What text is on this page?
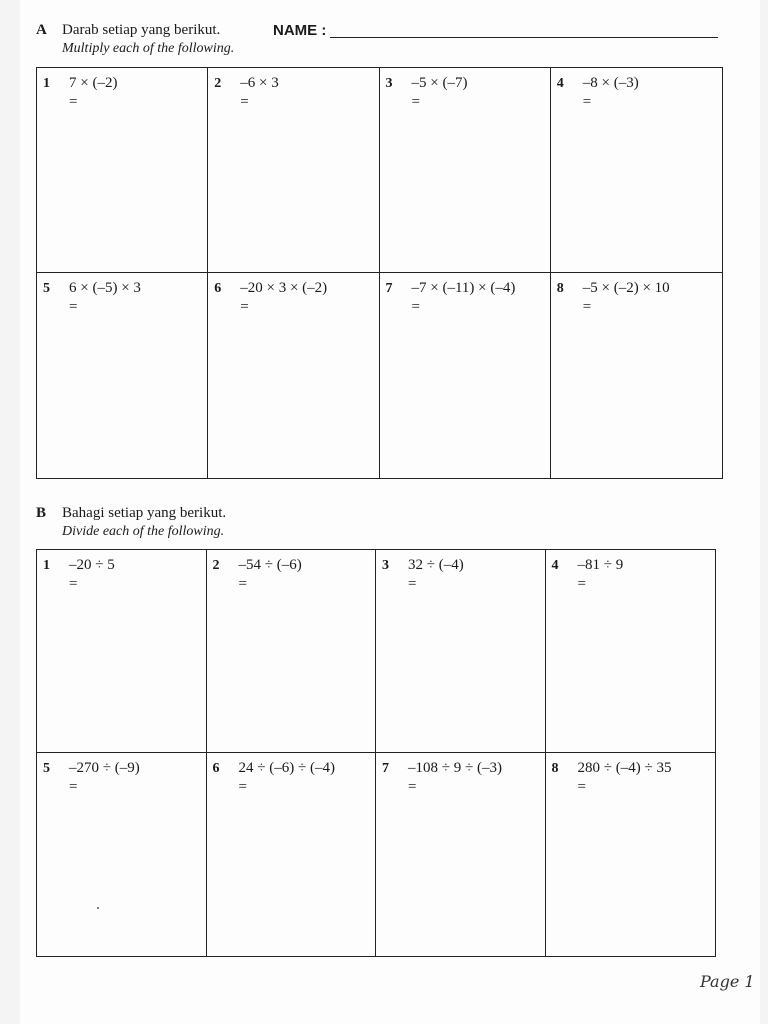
A Darab setiap yang berikut.
Multiply each of the following.
NAME :
1 7 × (–2)
=
2 –6 × 3
=
3 –5 × (–7)
=
4 –8 × (–3)
=
5 6 × (–5) × 3
=
6 –20 × 3 × (–2)
=
7 –7 × (–11) × (–4)
=
8 –5 × (–2) × 10
=
B Bahagi setiap yang berikut.
Divide each of the following.
1 –20 ÷ 5
=
2 –54 ÷ (–6)
=
3 32 ÷ (–4)
=
4 –81 ÷ 9
=
5 –270 ÷ (–9)
=
6 24 ÷ (–6) ÷ (–4)
=
7 –108 ÷ 9 ÷ (–3)
=
8 280 ÷ (–4) ÷ 35
=
Page 1
